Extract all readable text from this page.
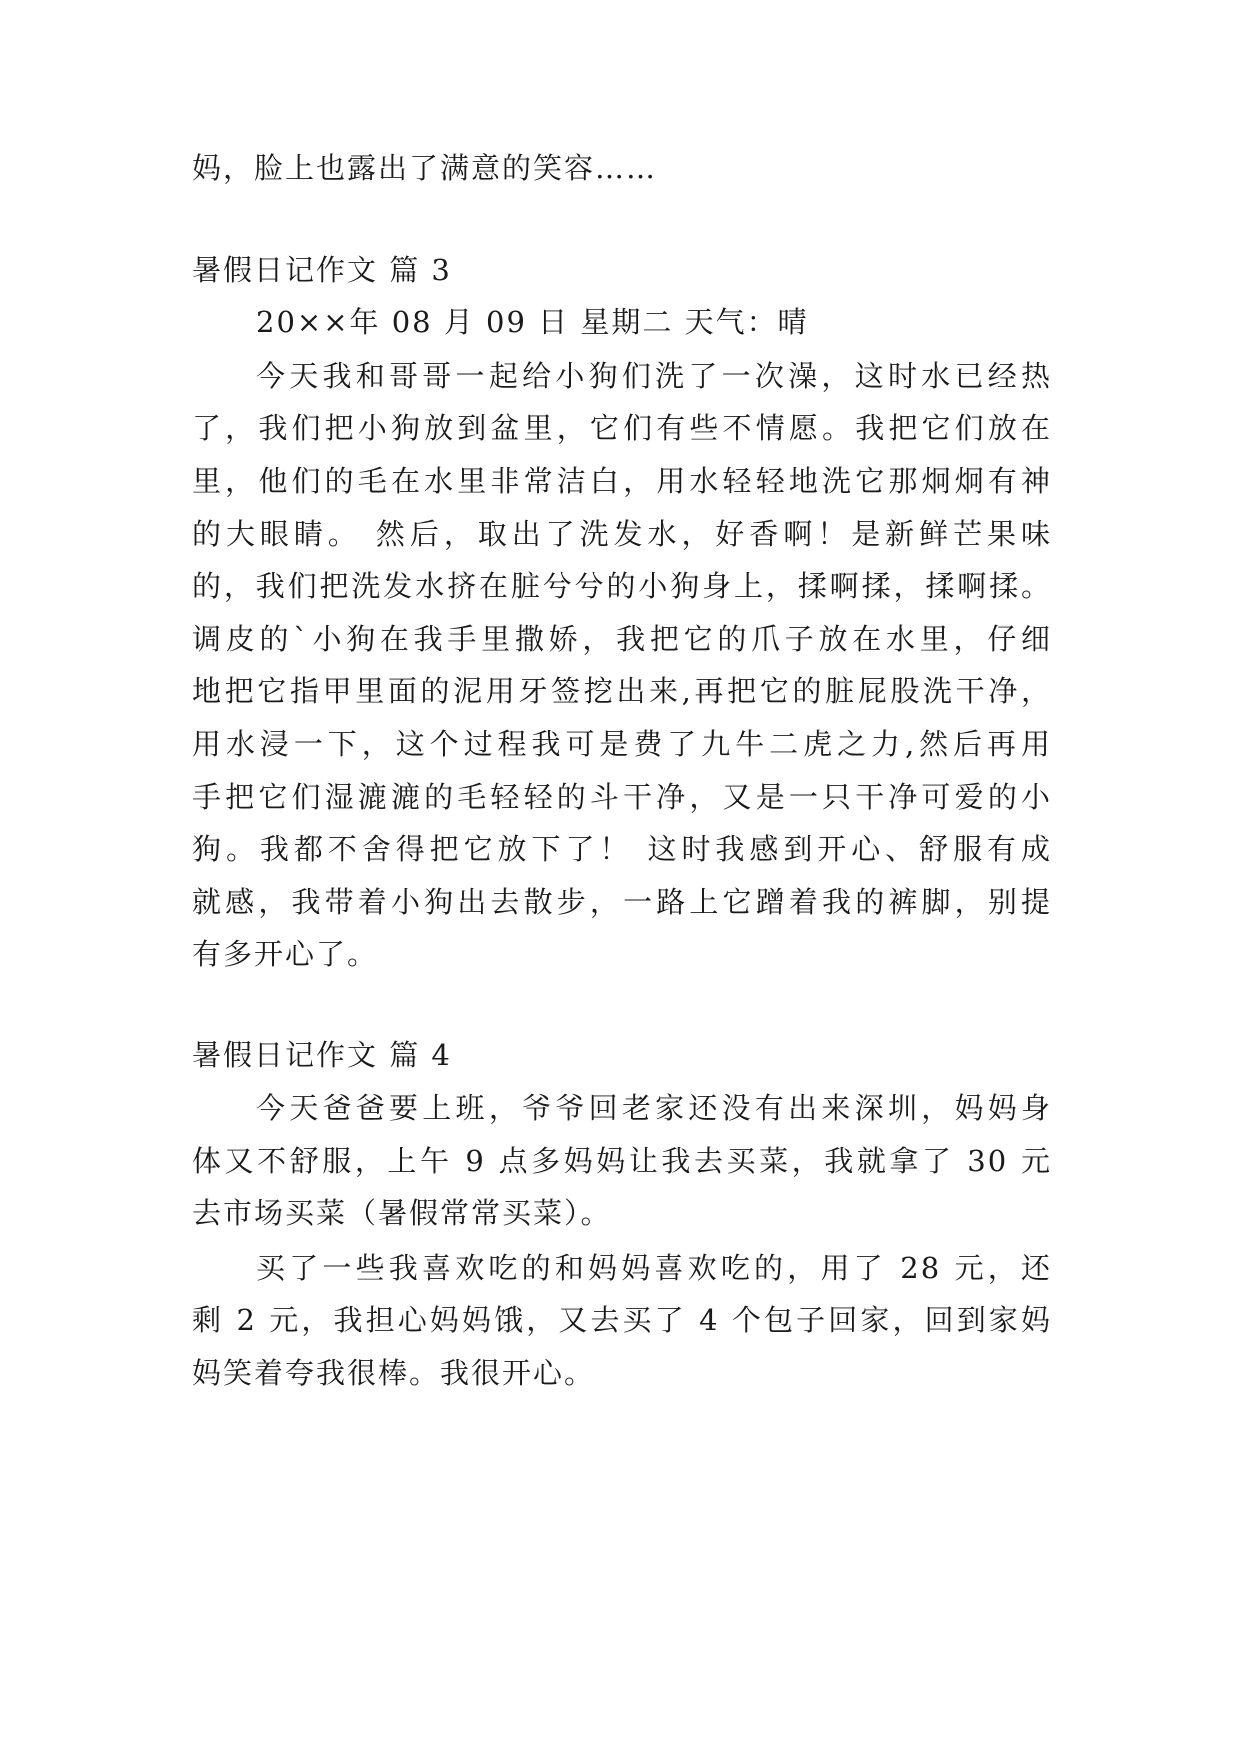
妈，脸上也露出了满意的笑容……
暑假日记作文 篇 3
20××年 08 月 09 日 星期二 天气：晴
今天我和哥哥一起给小狗们洗了一次澡，这时水已经热
了，我们把小狗放到盆里，它们有些不情愿。我把它们放在
里，他们的毛在水里非常洁白，用水轻轻地洗它那炯炯有神
的大眼睛。 然后，取出了洗发水，好香啊！是新鲜芒果味
的，我们把洗发水挤在脏兮兮的小狗身上，揉啊揉，揉啊揉。
调皮的`小狗在我手里撒娇，我把它的爪子放在水里，仔细
地把它指甲里面的泥用牙签挖出来,再把它的脏屁股洗干净，
用水浸一下，这个过程我可是费了九牛二虎之力,然后再用
手把它们湿漉漉的毛轻轻的斗干净，又是一只干净可爱的小
狗。我都不舍得把它放下了！ 这时我感到开心、舒服有成
就感，我带着小狗出去散步，一路上它蹭着我的裤脚，别提
有多开心了。
暑假日记作文 篇 4
今天爸爸要上班，爷爷回老家还没有出来深圳，妈妈身
体又不舒服，上午 9 点多妈妈让我去买菜，我就拿了 30 元
去市场买菜（暑假常常买菜）。
买了一些我喜欢吃的和妈妈喜欢吃的，用了 28 元，还
剩 2 元，我担心妈妈饿，又去买了 4 个包子回家，回到家妈
妈笑着夸我很棒。我很开心。
